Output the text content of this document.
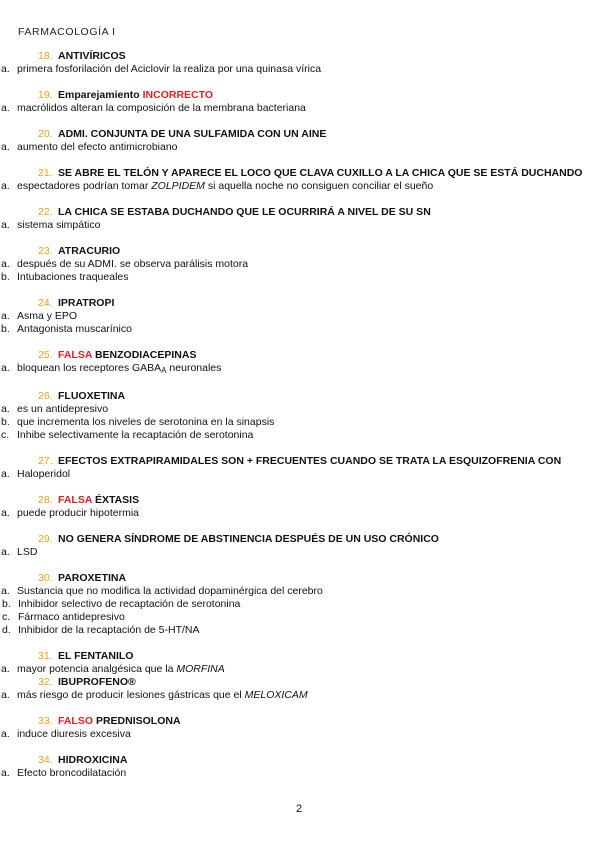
FARMACOLOGÍA I
18. ANTIVÍRICOS
a. primera fosforilación del Aciclovir la realiza por una quinasa vírica
19. Emparejamiento INCORRECTO
a. macrólidos alteran la composición de la membrana bacteriana
20. ADMI. CONJUNTA DE UNA SULFAMIDA CON UN AINE
a. aumento del efecto antimicrobiano
21. SE ABRE EL TELÓN Y APARECE EL LOCO QUE CLAVA CUXILLO A LA CHICA QUE SE ESTÁ DUCHANDO
a. espectadores podrían tomar ZOLPIDEM si aquella noche no consiguen conciliar el sueño
22. LA CHICA SE ESTABA DUCHANDO QUE LE OCURRIRÁ A NIVEL DE SU SN
a. sistema simpático
23. ATRACURIO
a. después de su ADMI. se observa parálisis motora
b. Intubaciones traqueales
24. IPRATROPI
a. Asma y EPO
b. Antagonista muscarínico
25. FALSA BENZODIACEPINAS
a. bloquean los receptores $GABA_A$ neuronales
26. FLUOXETINA
a. es un antidepresivo
b. que incrementa los niveles de serotonina en la sinapsis
c. Inhibe selectivamente la recaptación de serotonina
27. EFECTOS EXTRAPIRAMIDALES SON + FRECUENTES CUANDO SE TRATA LA ESQUIZOFRENIA CON
a. Haloperidol
28. FALSA ÉXTASIS
a. puede producir hipotermia
29. NO GENERA SÍNDROME DE ABSTINENCIA DESPUÉS DE UN USO CRÓNICO
a. LSD
30. PAROXETINA
a. Sustancia que no modifica la actividad dopaminérgica del cerebro
b. Inhibidor selectivo de recaptación de serotonina
c. Fármaco antidepresivo
d. Inhibidor de la recaptación de 5-HT/NA
31. EL FENTANILO
a. mayor potencia analgésica que la MORFINA
32. IBUPROFENO®
a. más riesgo de producir lesiones gástricas que el MELOXICAM
33. FALSO PREDNISOLONA
a. induce diuresis excesiva
34. HIDROXICINA
a. Efecto broncodilatación
2
